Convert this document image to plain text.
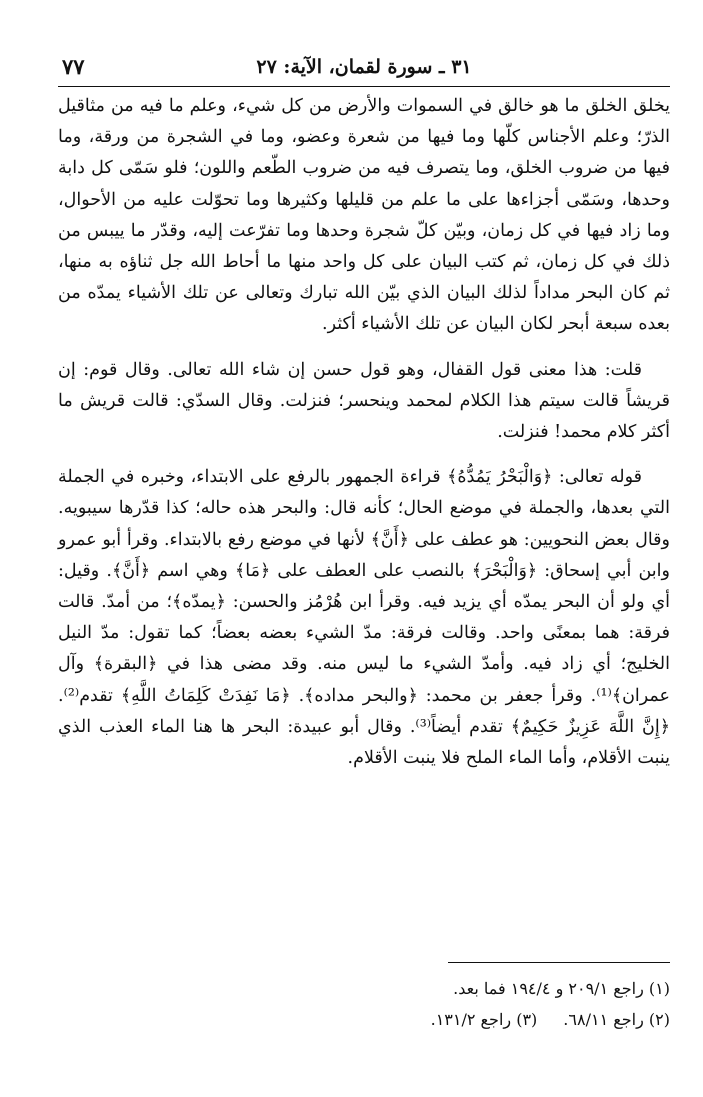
٣١ ـ سورة لقمان، الآية: ٢٧
٧٧

يخلق الخلق ما هو خالق في السموات والأرض من كل شيء، وعلم ما فيه من مثاقيل الذرّ؛ وعلم الأجناس كلّها وما فيها من شعرة وعضو، وما في الشجرة من ورقة، وما فيها من ضروب الخلق، وما يتصرف فيه من ضروب الطّعم واللون؛ فلو سَمّى كل دابة وحدها، وسَمّى أجزاءها على ما علم من قليلها وكثيرها وما تحوّلت عليه من الأحوال، وما زاد فيها في كل زمان، وبيّن كلّ شجرة وحدها وما تفرّعت إليه، وقدّر ما ييبس من ذلك في كل زمان، ثم كتب البيان على كل واحد منها ما أحاط الله جل ثناؤه به منها، ثم كان البحر مداداً لذلك البيان الذي بيّن الله تبارك وتعالى عن تلك الأشياء يمدّه من بعده سبعة أبحر لكان البيان عن تلك الأشياء أكثر.

قلت: هذا معنى قول القفال، وهو قول حسن إن شاء الله تعالى. وقال قوم: إن قريشاً قالت سيتم هذا الكلام لمحمد وينحسر؛ فنزلت. وقال السدّي: قالت قريش ما أكثر كلام محمد! فنزلت.

قوله تعالى: ﴿وَالْبَحْرُ يَمُدُّهُ﴾ قراءة الجمهور بالرفع على الابتداء، وخبره في الجملة التي بعدها، والجملة في موضع الحال؛ كأنه قال: والبحر هذه حاله؛ كذا قدّرها سيبويه. وقال بعض النحويين: هو عطف على ﴿أَنَّ﴾ لأنها في موضع رفع بالابتداء. وقرأ أبو عمرو وابن أبي إسحاق: ﴿وَالْبَحْرَ﴾ بالنصب على العطف على ﴿مَا﴾ وهي اسم ﴿أَنَّ﴾. وقيل: أي ولو أن البحر يمدّه أي يزيد فيه. وقرأ ابن هُرْمُز والحسن: ﴿يمدّه﴾؛ من أمدّ. قالت فرقة: هما بمعنًى واحد. وقالت فرقة: مدّ الشيء بعضه بعضاً؛ كما تقول: مدّ النيل الخليج؛ أي زاد فيه. وأمدّ الشيء ما ليس منه. وقد مضى هذا في ﴿البقرة﴾ وآل عمران﴾⁽¹⁾. وقرأ جعفر بن محمد: ﴿والبحر مداده﴾. ﴿مَا نَفِدَتْ كَلِمَاتُ اللَّهِ﴾ تقدم⁽²⁾. ﴿إِنَّ اللَّهَ عَزِيزٌ حَكِيمٌ﴾ تقدم أيضاً⁽³⁾. وقال أبو عبيدة: البحر ها هنا الماء العذب الذي ينبت الأقلام، وأما الماء الملح فلا ينبت الأقلام.

(١) راجع ٢٠٩/١ و ١٩٤/٤ فما بعد.
(٢) راجع ٦٨/١١.(٣) راجع ١٣١/٢.
